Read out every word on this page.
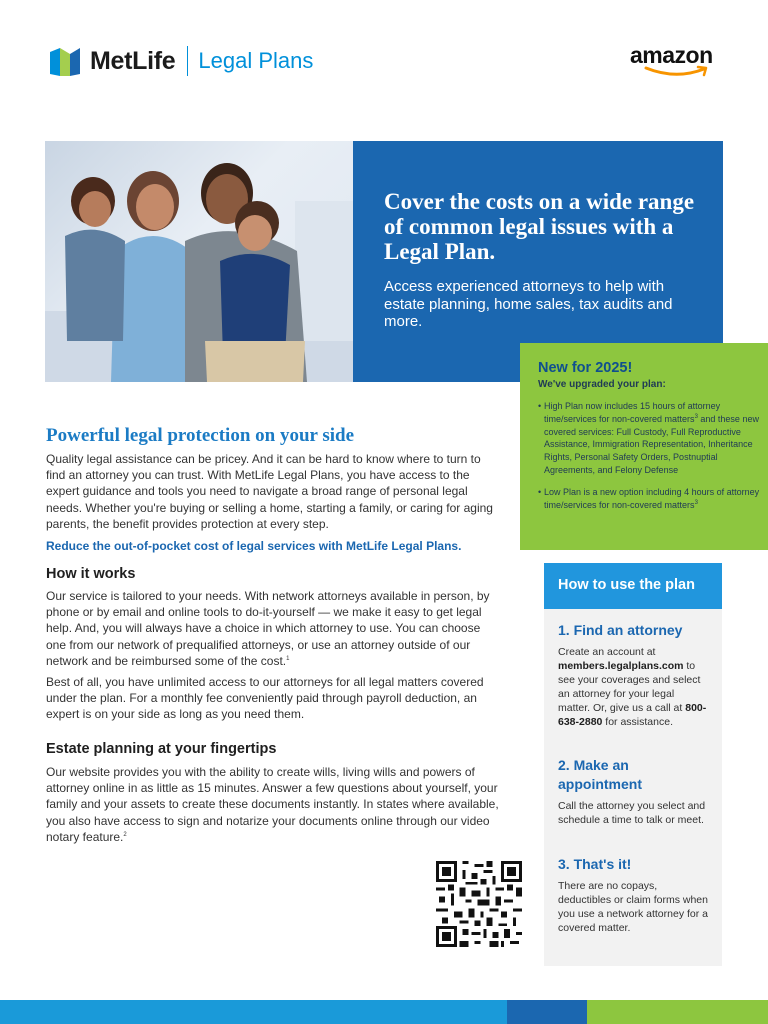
MetLife Legal Plans	amazon
Cover the costs on a wide range of common legal issues with a Legal Plan.
Access experienced attorneys to help with estate planning, home sales, tax audits and more.
New for 2025!
We've upgraded your plan:
• High Plan now includes 15 hours of attorney time/services for non-covered matters$^3$ and these new covered services: Full Custody, Full Reproductive Assistance, Immigration Representation, Inheritance Rights, Personal Safety Orders, Postnuptial Agreements, and Felony Defense
• Low Plan is a new option including 4 hours of attorney time/services for non-covered matters$^3$
Powerful legal protection on your side
Quality legal assistance can be pricey. And it can be hard to know where to turn to find an attorney you can trust. With MetLife Legal Plans, you have access to the expert guidance and tools you need to navigate a broad range of personal legal needs. Whether you're buying or selling a home, starting a family, or caring for aging parents, the benefit provides protection at every step.
Reduce the out-of-pocket cost of legal services with MetLife Legal Plans.
How it works
Our service is tailored to your needs. With network attorneys available in person, by phone or by email and online tools to do-it-yourself — we make it easy to get legal help. And, you will always have a choice in which attorney to use. You can choose one from our network of prequalified attorneys, or use an attorney outside of our network and be reimbursed some of the cost.$^1$
Best of all, you have unlimited access to our attorneys for all legal matters covered under the plan. For a monthly fee conveniently paid through payroll deduction, an expert is on your side as long as you need them.
Estate planning at your fingertips
Our website provides you with the ability to create wills, living wills and powers of attorney online in as little as 15 minutes. Answer a few questions about yourself, your family and your assets to create these documents instantly. In states where available, you also have access to sign and notarize your documents online through our video notary feature.$^2$
How to use the plan
1. Find an attorney
Create an account at members.legalplans.com to see your coverages and select an attorney for your legal matter. Or, give us a call at 800-638-2880 for assistance.
2. Make an appointment
Call the attorney you select and schedule a time to talk or meet.
3. That's it!
There are no copays, deductibles or claim forms when you use a network attorney for a covered matter.
